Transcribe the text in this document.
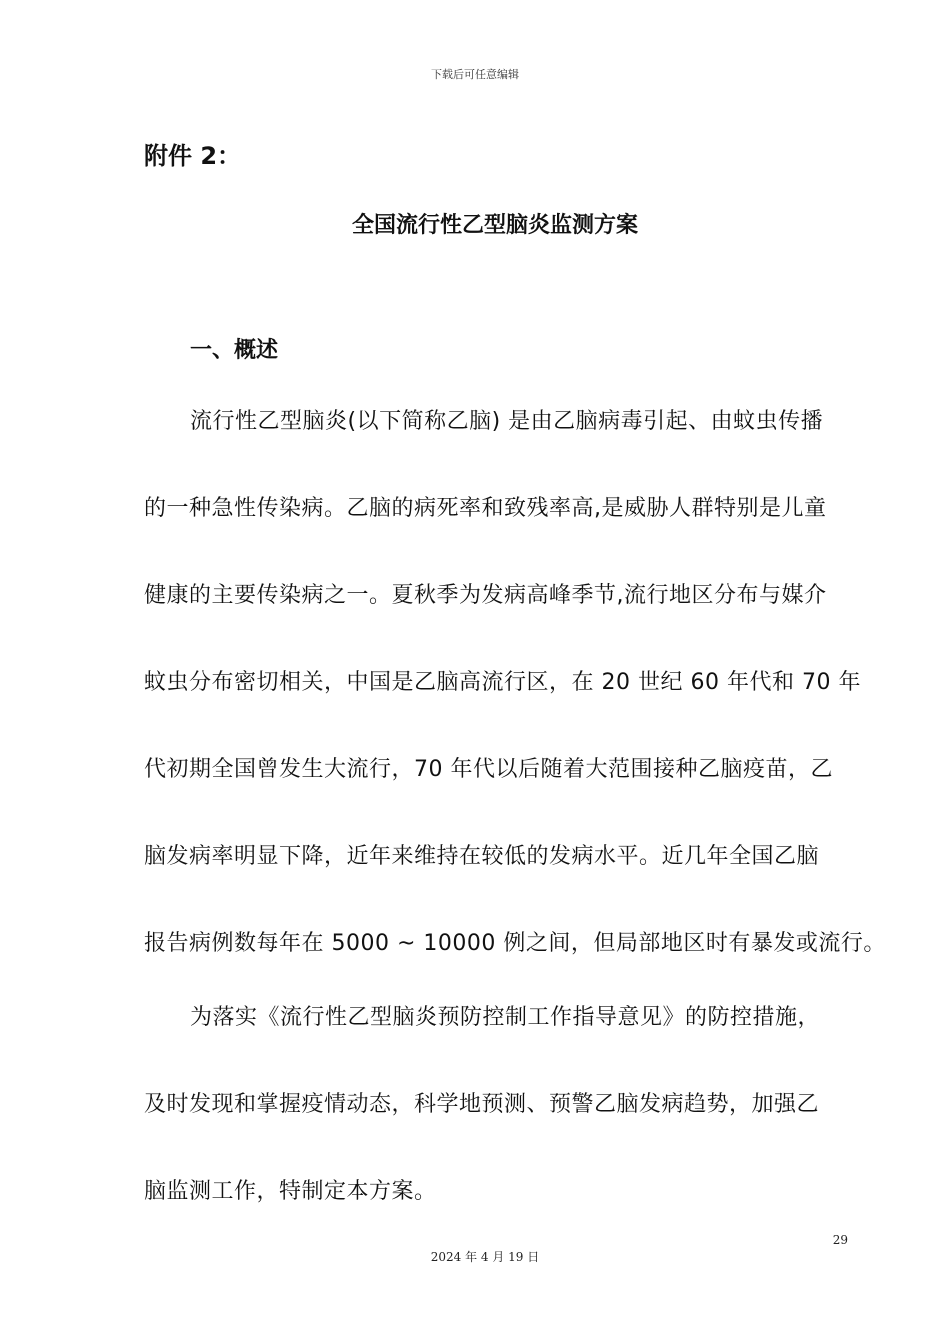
下载后可任意编辑
附件 2：
全国流行性乙型脑炎监测方案
一、概述
流行性乙型脑炎(以下简称乙脑) 是由乙脑病毒引起、由蚊虫传播
的一种急性传染病。乙脑的病死率和致残率高,是威胁人群特别是儿童
健康的主要传染病之一。夏秋季为发病高峰季节,流行地区分布与媒介
蚊虫分布密切相关，中国是乙脑高流行区，在 20 世纪 60 年代和 70 年
代初期全国曾发生大流行，70 年代以后随着大范围接种乙脑疫苗，乙
脑发病率明显下降，近年来维持在较低的发病水平。近几年全国乙脑
报告病例数每年在 5000 ~ 10000 例之间，但局部地区时有暴发或流行。
为落实《流行性乙型脑炎预防控制工作指导意见》的防控措施，
及时发现和掌握疫情动态，科学地预测、预警乙脑发病趋势，加强乙
脑监测工作，特制定本方案。
29
2024 年 4 月 19 日
